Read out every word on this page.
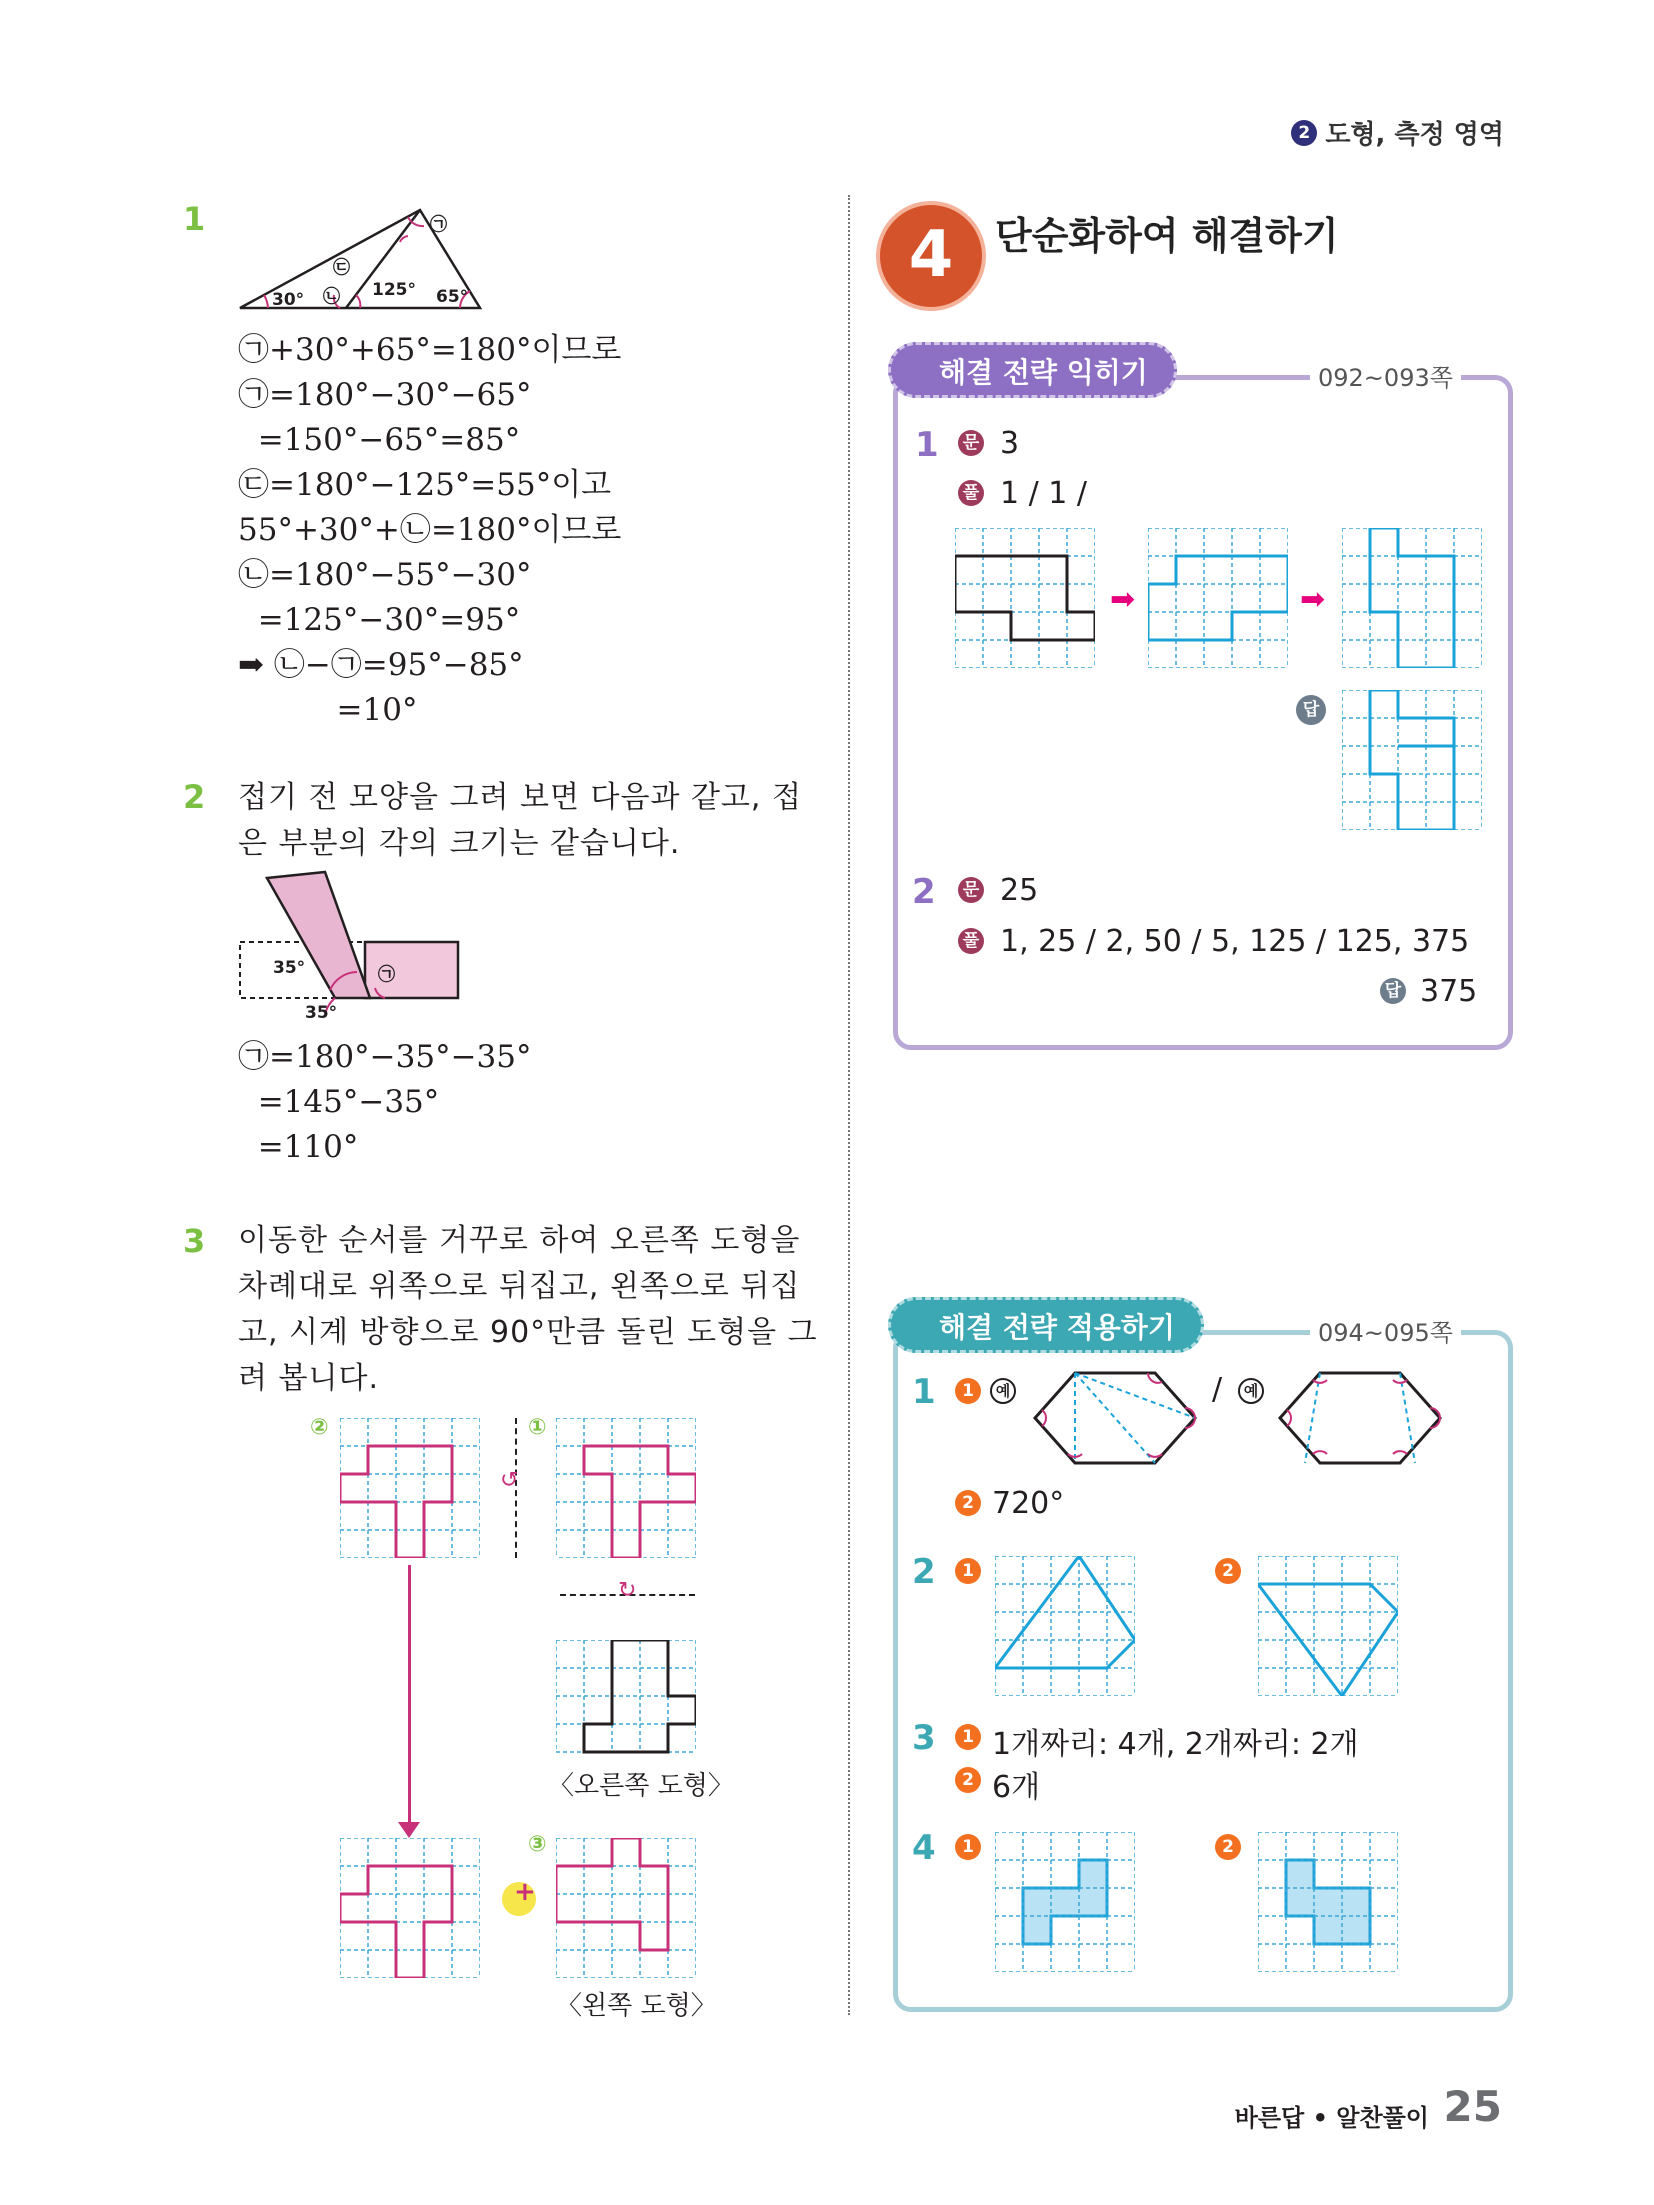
2 도형, 측정 영역
1	㉠
125°
㉢
㉡
30°	65°
㉠+30°+65°=180°이므로
㉠=180°−30°−65°
=150°−65°=85°
㉢=180°−125°=55°이고
55°+30°+㉡=180°이므로
㉡=180°−55°−30°
=125°−30°=95°
➡ ㉡−㉠=95°−85°
=10°
2 접기 전 모양을 그려 보면 다음과 같고, 접
은 부분의 각의 크기는 같습니다.
35°
35°
㉠
㉠=180°−35°−35°
=145°−35°
=110°
3 이동한 순서를 거꾸로 하여 오른쪽 도형을
차례대로 위쪽으로 뒤집고, 왼쪽으로 뒤집
고, 시계 방향으로 90°만큼 돌린 도형을 그
려 봅니다.
②
↺
①
↻
〈오른쪽 도형〉
+
③
〈왼쪽 도형〉
4	단순화하여 해결하기
해결 전략 익히기	092~093쪽
1 문 3
풀 1 / 1 /
➡	➡
답
2 문 25
풀 1, 25 / 2, 50 / 5, 125 / 125, 375
답 375
해결 전략 적용하기	094~095쪽
1	1	예	/	예
2 720°
2	1	2
3	1 1개짜리: 4개, 2개짜리: 2개
2 6개
4	1	2
바른답 • 알찬풀이 25
